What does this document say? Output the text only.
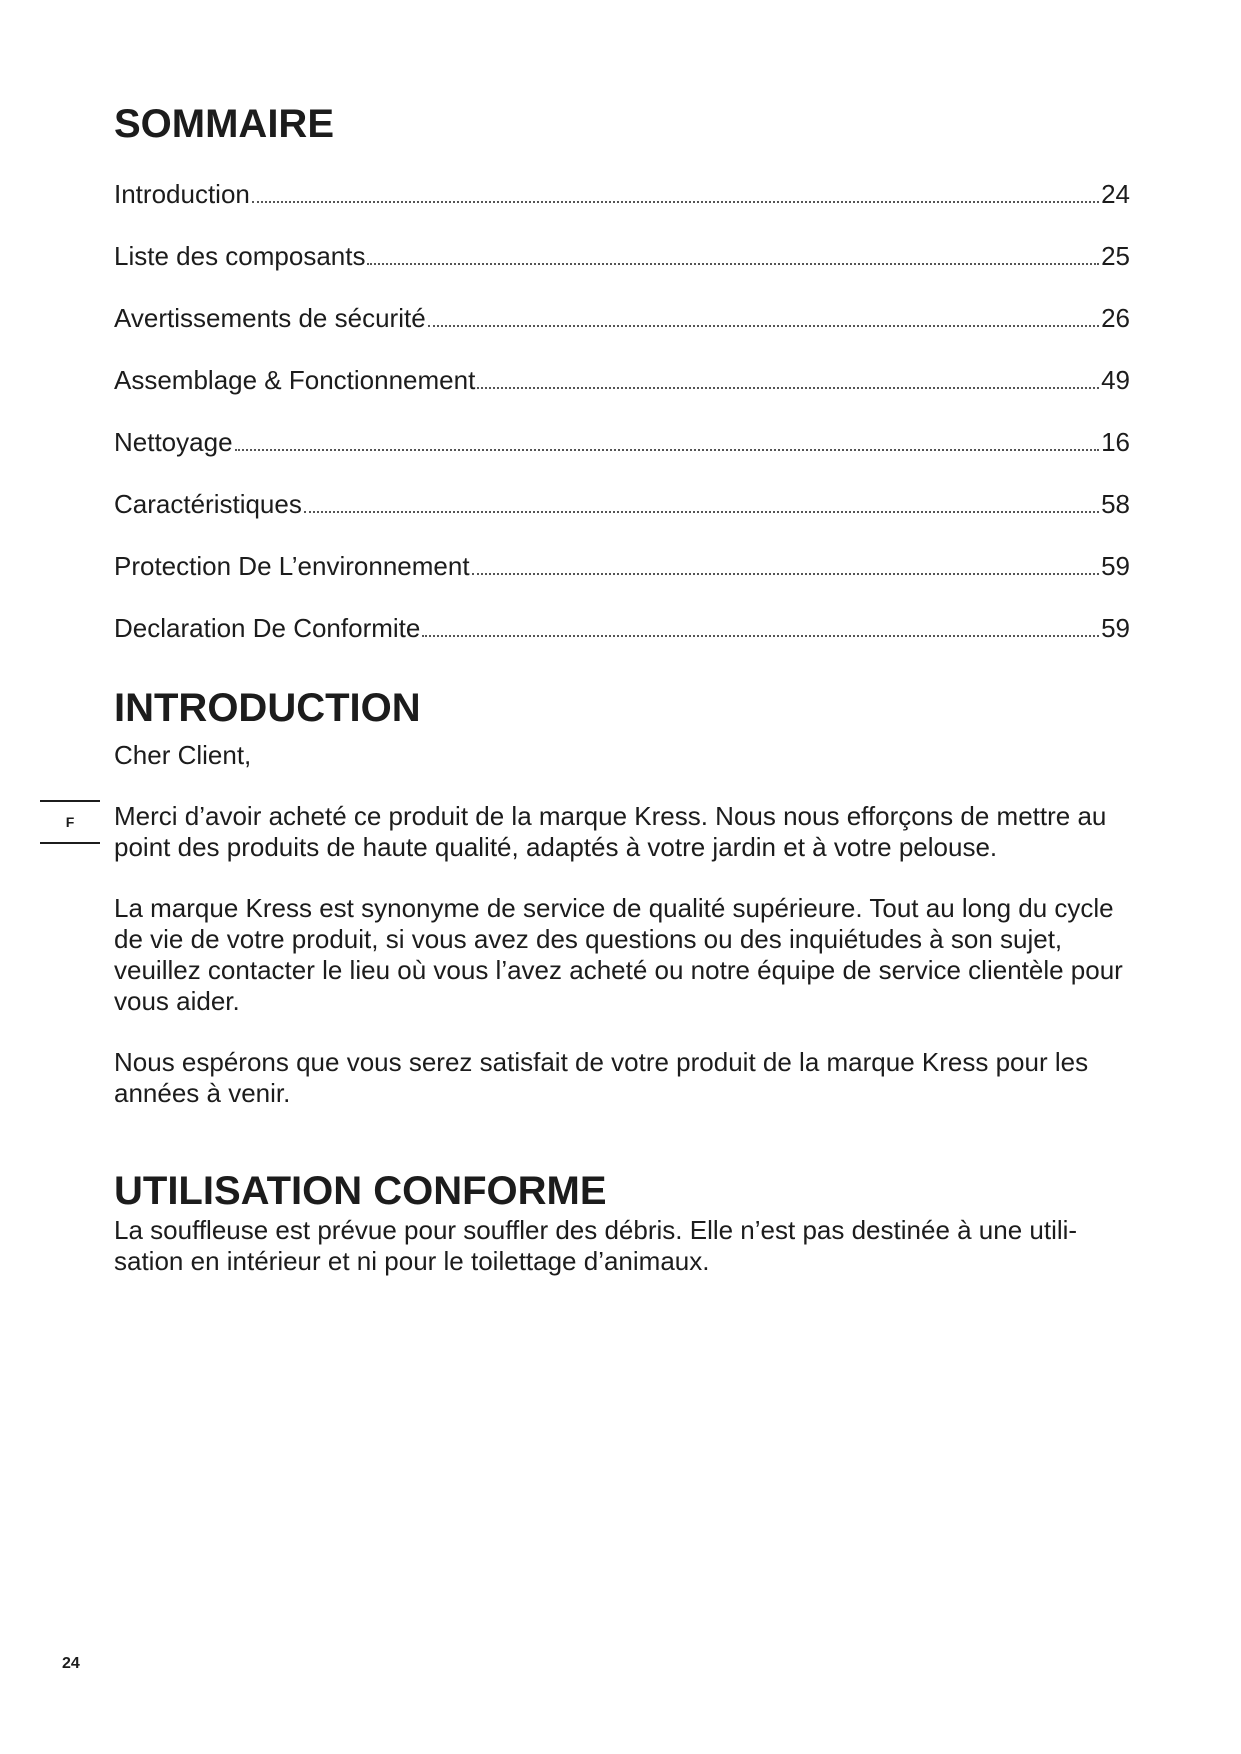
F
SOMMAIRE
Introduction	24
Liste des composants	25
Avertissements de sécurité	26
Assemblage & Fonctionnement	49
Nettoyage	16
Caractéristiques	58
Protection De L’environnement	59
Declaration De Conformite	59
INTRODUCTION

Cher Client,

Merci d’avoir acheté ce produit de la marque Kress. Nous nous efforçons de mettre au point des produits de haute qualité, adaptés à votre jardin et à votre pelouse.

La marque Kress est synonyme de service de qualité supérieure. Tout au long du cycle de vie de votre produit, si vous avez des questions ou des inquiétudes à son sujet, veuillez contacter le lieu où vous l’avez acheté ou notre équipe de service clientèle pour vous aider.

Nous espérons que vous serez satisfait de votre produit de la marque Kress pour les années à venir.

UTILISATION CONFORME

La souffleuse est prévue pour souffler des débris. Elle n’est pas destinée à une utili-sation en intérieur et ni pour le toilettage d’animaux.

24
